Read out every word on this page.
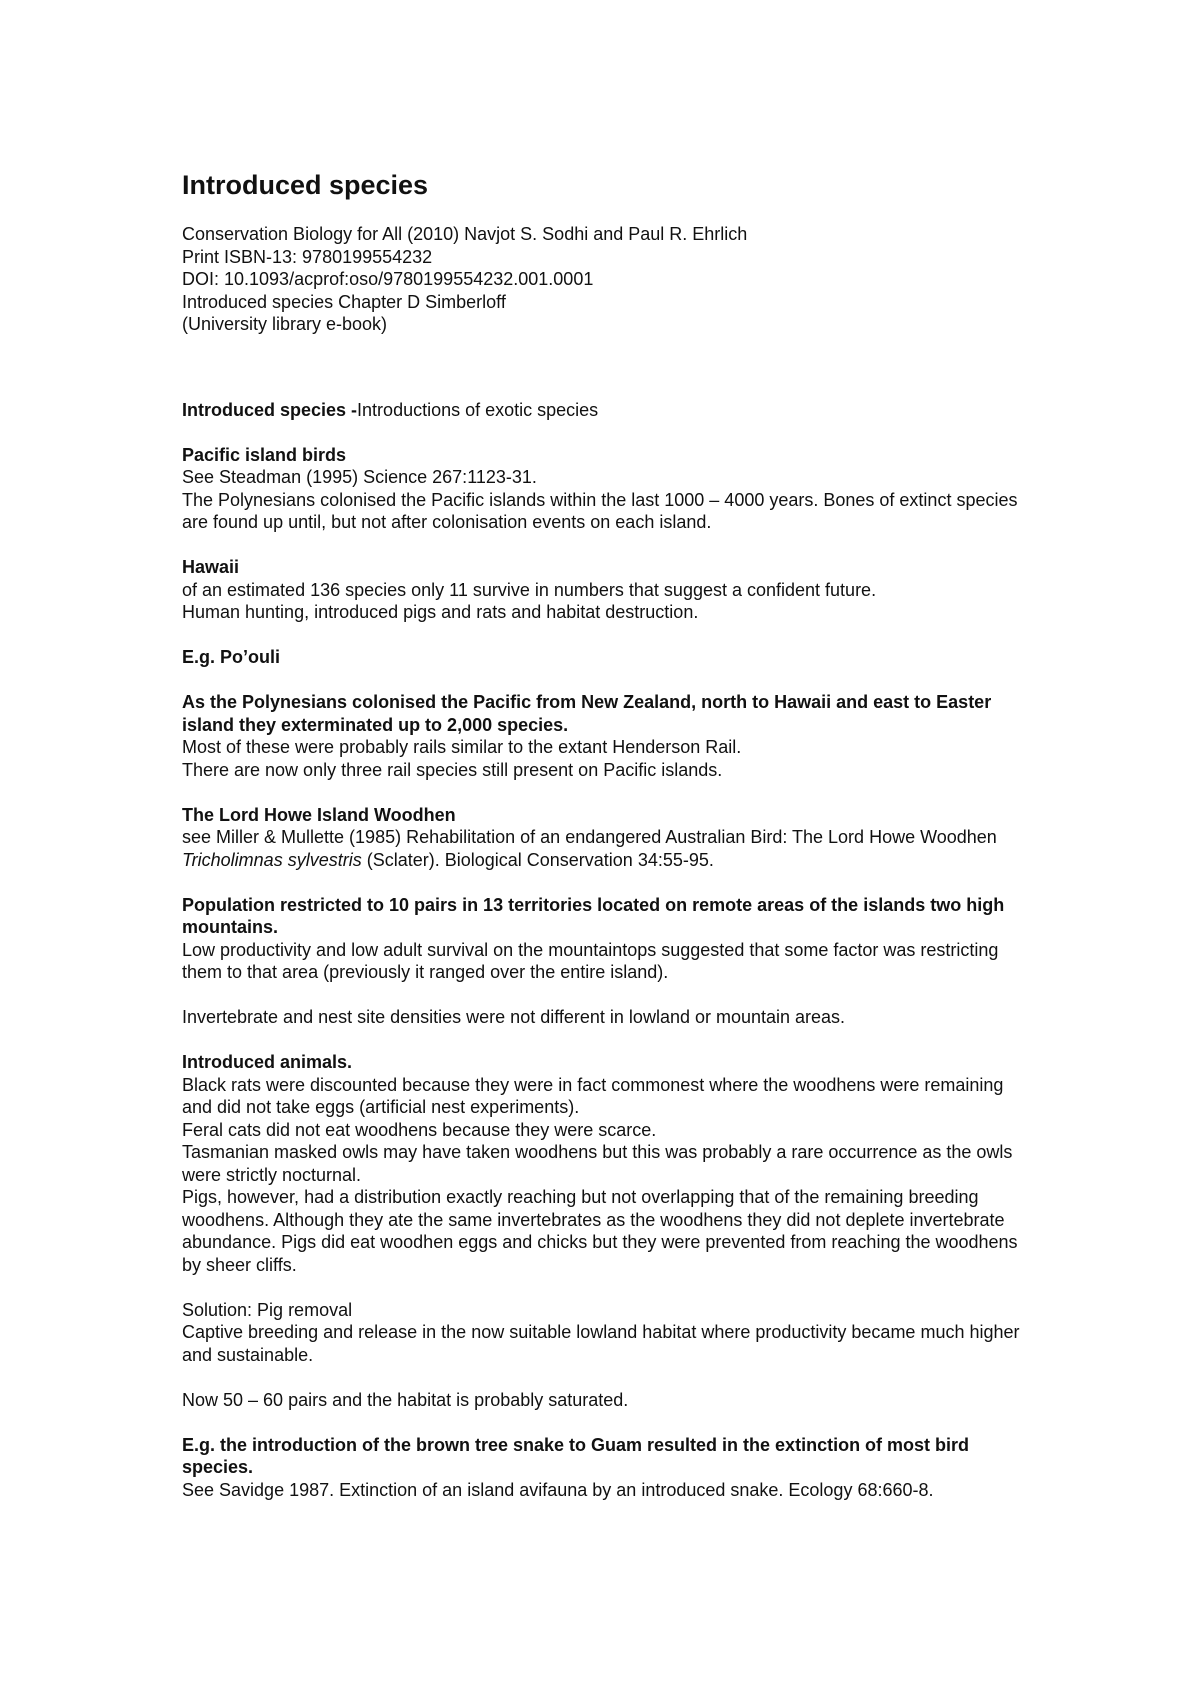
Introduced species
Conservation Biology for All (2010) Navjot S. Sodhi and Paul R. Ehrlich
Print ISBN-13: 9780199554232
DOI: 10.1093/acprof:oso/9780199554232.001.0001
Introduced species Chapter D Simberloff
(University library e-book)
Introduced species -Introductions of exotic species
Pacific island birds
See Steadman (1995) Science 267:1123-31.
The Polynesians colonised the Pacific islands within the last 1000 – 4000 years. Bones of extinct species are found up until, but not after colonisation events on each island.
Hawaii
of an estimated 136 species only 11 survive in numbers that suggest a confident future.
Human hunting, introduced pigs and rats and habitat destruction.
E.g. Po’ouli
As the Polynesians colonised the Pacific from New Zealand, north to Hawaii and east to Easter island they exterminated up to 2,000 species.
Most of these were probably rails similar to the extant Henderson Rail.
There are now only three rail species still present on Pacific islands.
The Lord Howe Island Woodhen
see Miller & Mullette (1985) Rehabilitation of an endangered Australian Bird: The Lord Howe Woodhen Tricholimnas sylvestris (Sclater). Biological Conservation 34:55-95.
Population restricted to 10 pairs in 13 territories located on remote areas of the islands two high mountains.
Low productivity and low adult survival on the mountaintops suggested that some factor was restricting them to that area (previously it ranged over the entire island).
Invertebrate and nest site densities were not different in lowland or mountain areas.
Introduced animals.
Black rats were discounted because they were in fact commonest where the woodhens were remaining and did not take eggs (artificial nest experiments).
Feral cats did not eat woodhens because they were scarce.
Tasmanian masked owls may have taken woodhens but this was probably a rare occurrence as the owls were strictly nocturnal.
Pigs, however, had a distribution exactly reaching but not overlapping that of the remaining breeding woodhens. Although they ate the same invertebrates as the woodhens they did not deplete invertebrate abundance. Pigs did eat woodhen eggs and chicks but they were prevented from reaching the woodhens by sheer cliffs.
Solution: Pig removal
Captive breeding and release in the now suitable lowland habitat where productivity became much higher and sustainable.
Now 50 – 60 pairs and the habitat is probably saturated.
E.g. the introduction of the brown tree snake to Guam resulted in the extinction of most bird species.
See Savidge 1987. Extinction of an island avifauna by an introduced snake. Ecology 68:660-8.
